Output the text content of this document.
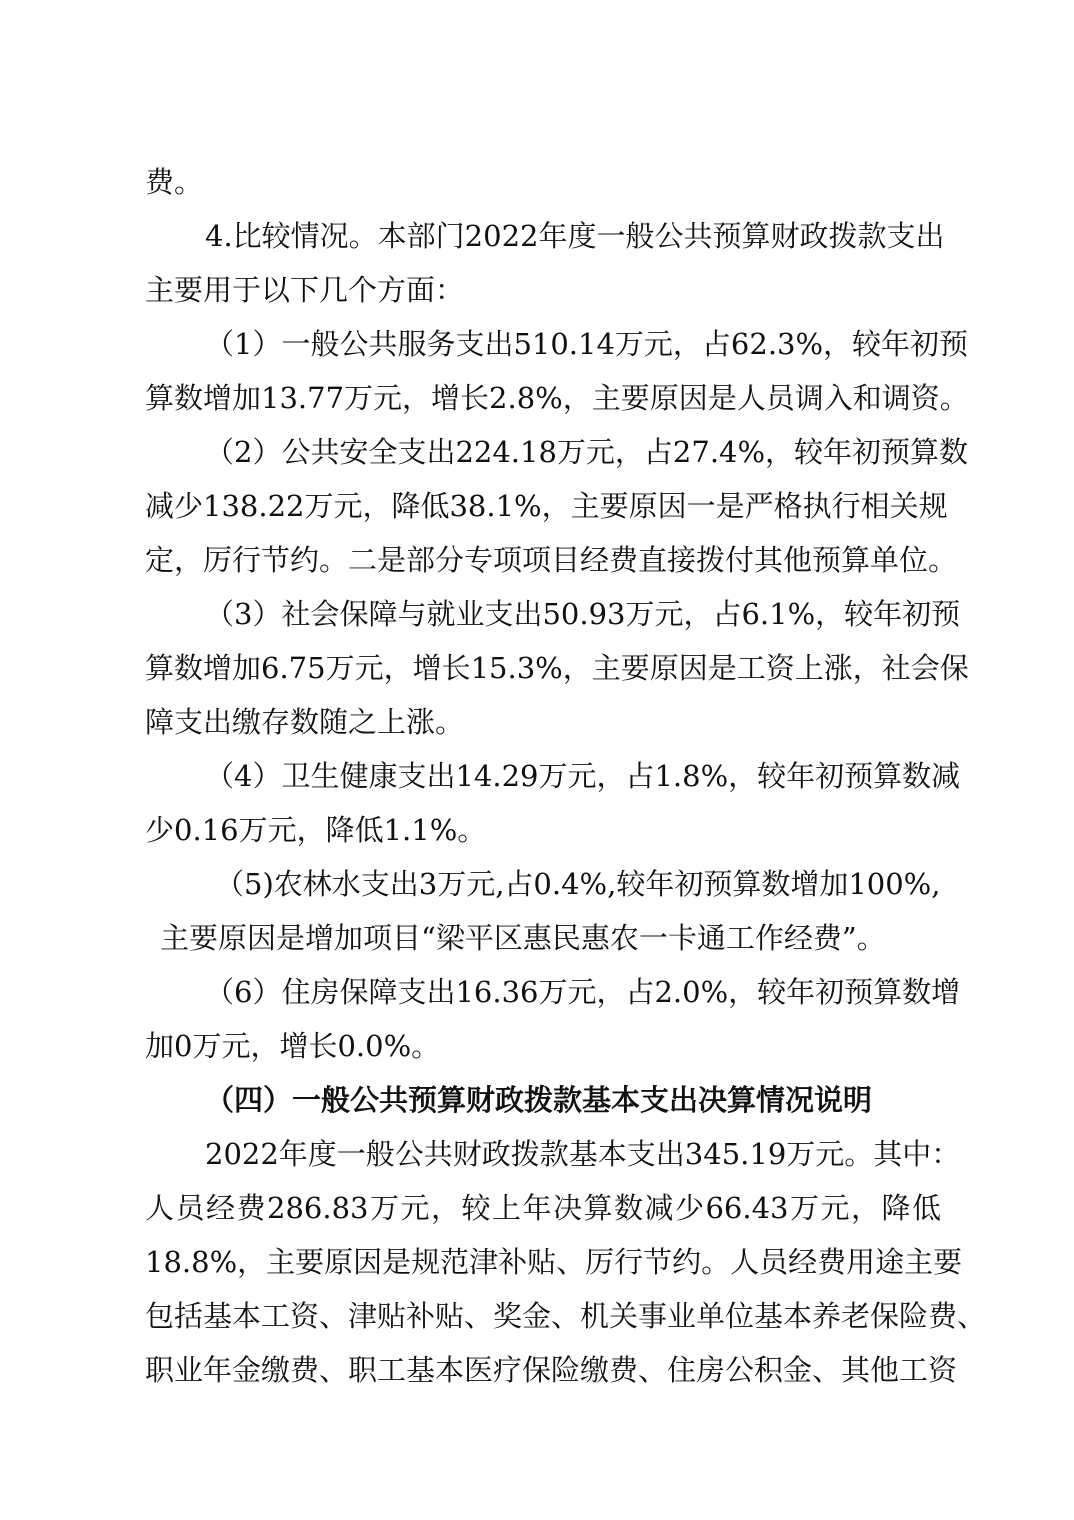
费。
4.比较情况。本部门2022年度一般公共预算财政拨款支出
主要用于以下几个方面：
（1）一般公共服务支出510.14万元，占62.3%，较年初预
算数增加13.77万元，增长2.8%，主要原因是人员调入和调资。
（2）公共安全支出224.18万元，占27.4%，较年初预算数
减少138.22万元，降低38.1%，主要原因一是严格执行相关规
定，厉行节约。二是部分专项项目经费直接拨付其他预算单位。
（3）社会保障与就业支出50.93万元，占6.1%，较年初预
算数增加6.75万元，增长15.3%，主要原因是工资上涨，社会保
障支出缴存数随之上涨。
（4）卫生健康支出14.29万元，占1.8%，较年初预算数减
少0.16万元，降低1.1%。
（5)农林水支出3万元,占0.4%,较年初预算数增加100%,
主要原因是增加项目“梁平区惠民惠农一卡通工作经费”。
（6）住房保障支出16.36万元，占2.0%，较年初预算数增
加0万元，增长0.0%。
（四）一般公共预算财政拨款基本支出决算情况说明
2022年度一般公共财政拨款基本支出345.19万元。其中：
人员经费286.83万元，较上年决算数减少66.43万元，降低
18.8%，主要原因是规范津补贴、厉行节约。人员经费用途主要
包括基本工资、津贴补贴、奖金、机关事业单位基本养老保险费、
职业年金缴费、职工基本医疗保险缴费、住房公积金、其他工资
